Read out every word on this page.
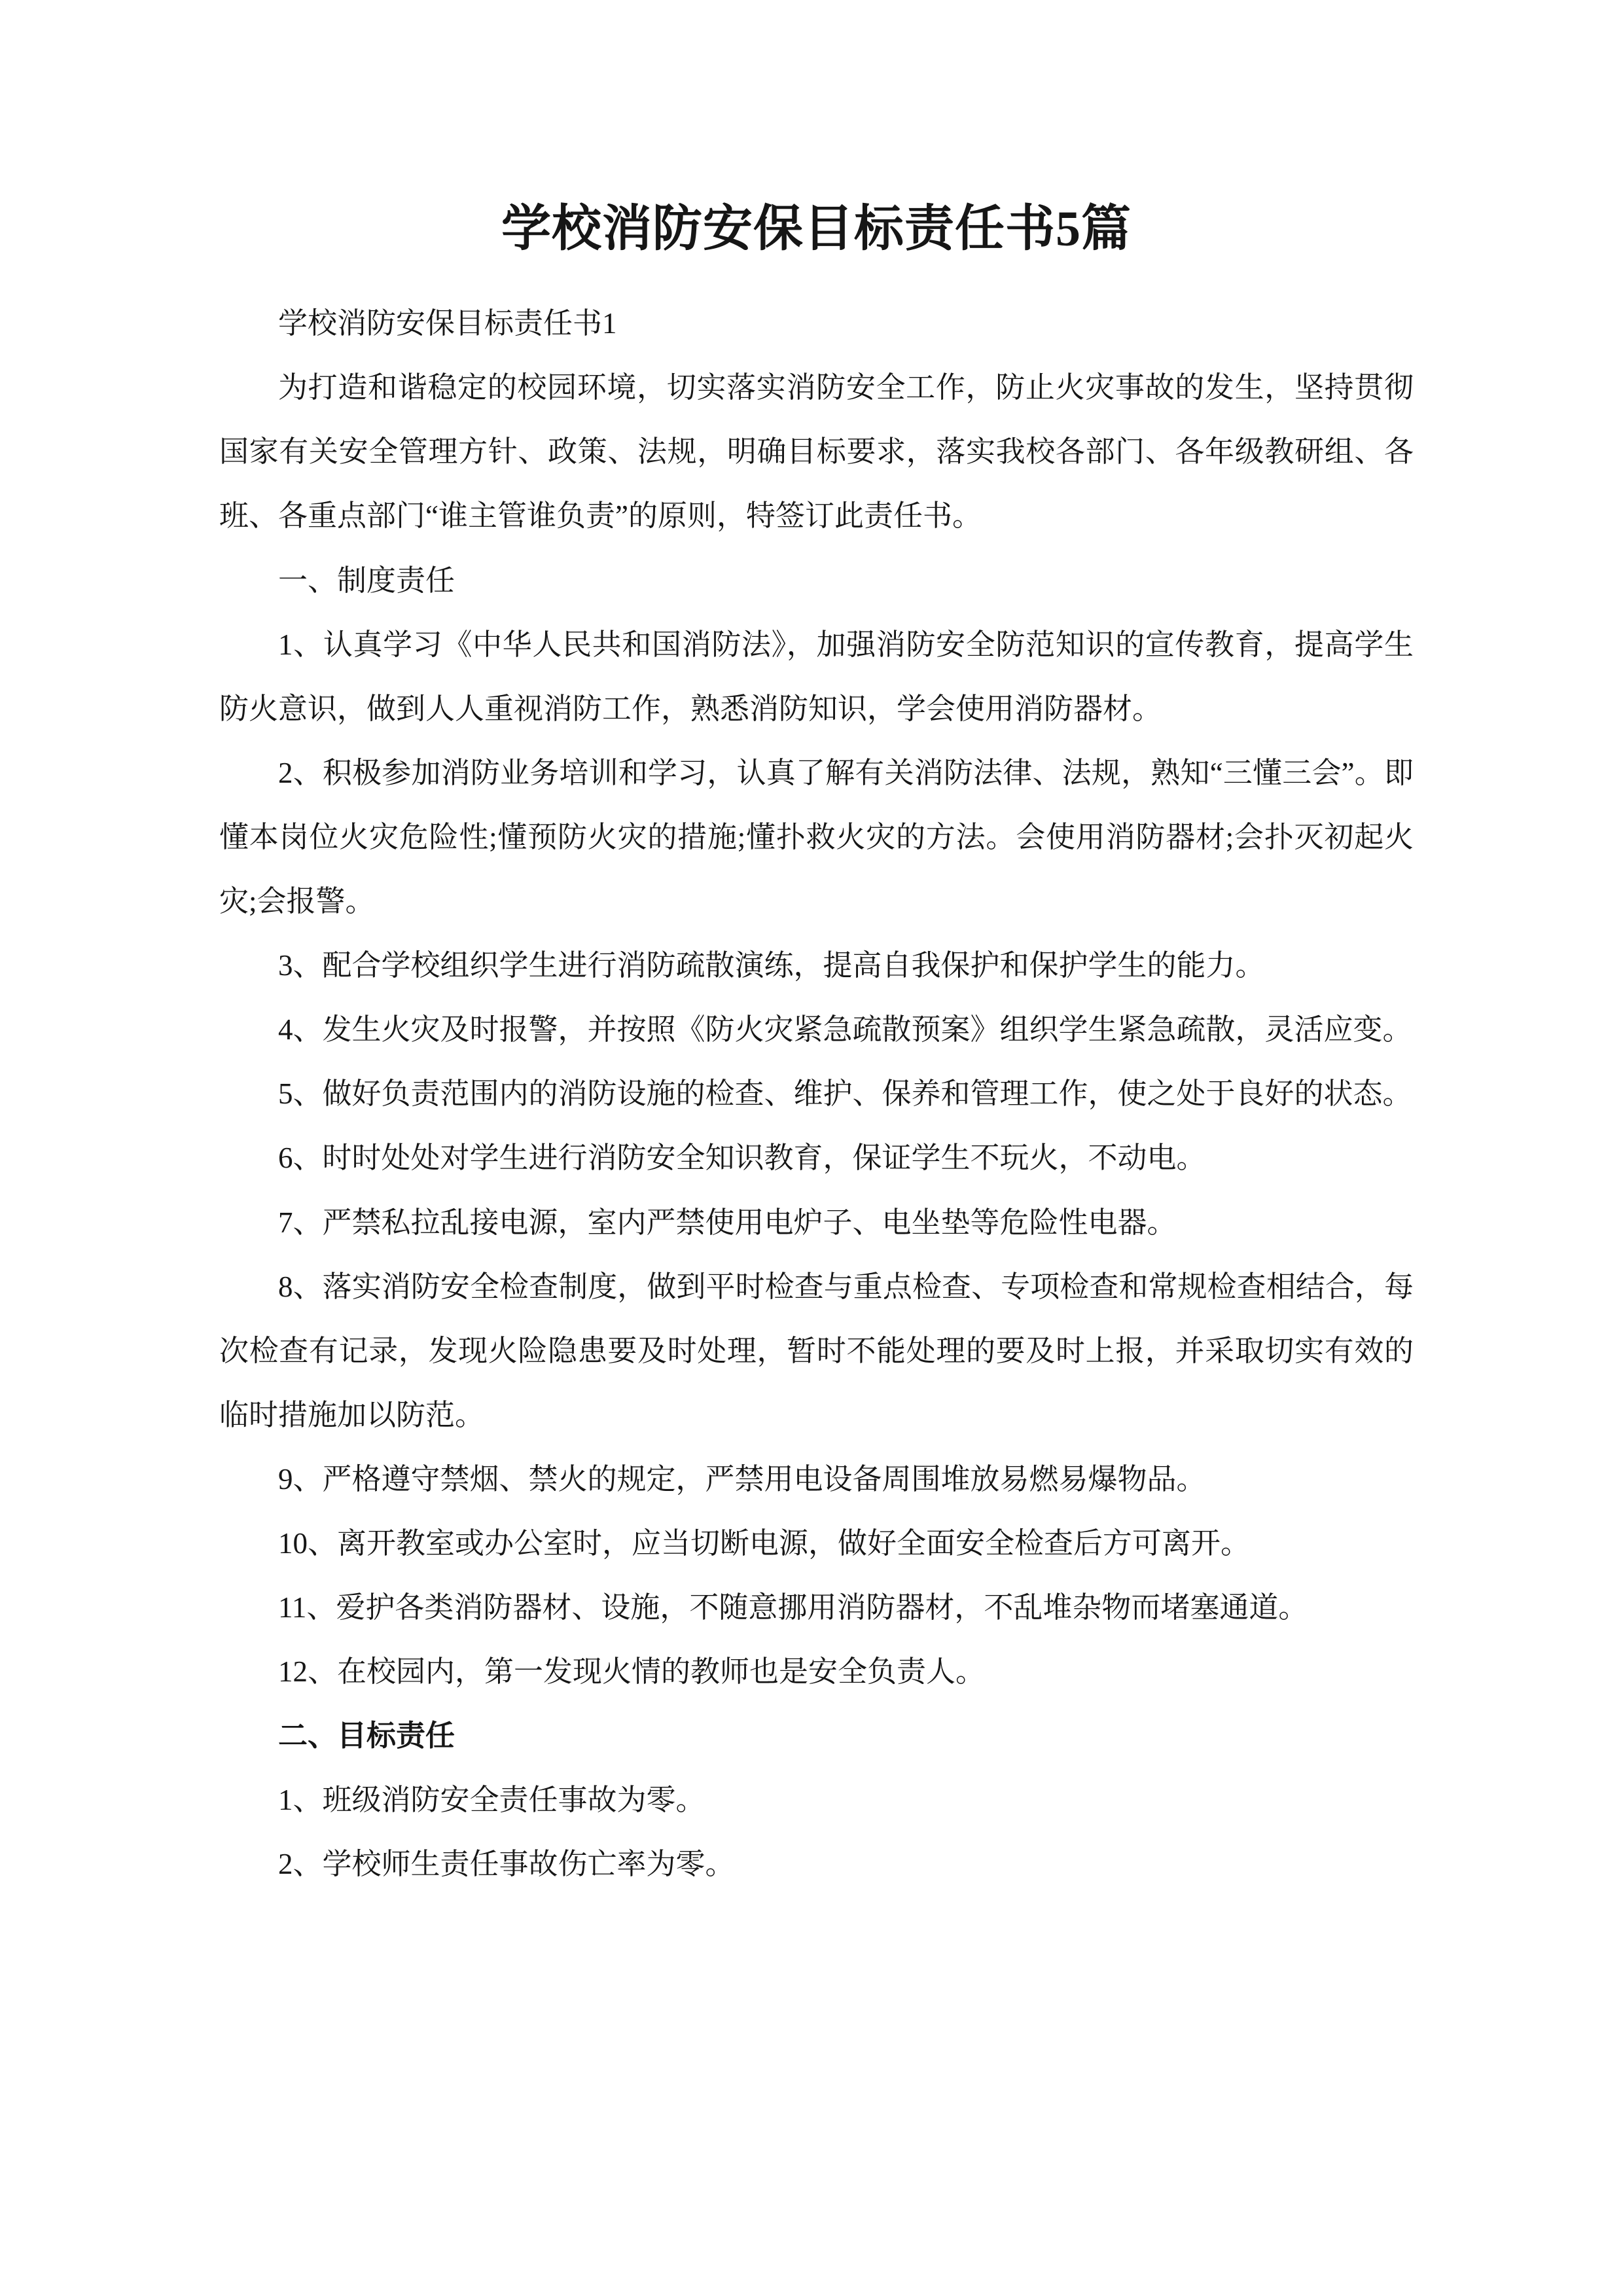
学校消防安保目标责任书5篇

学校消防安保目标责任书1

为打造和谐稳定的校园环境，切实落实消防安全工作，防止火灾事故的发生，坚持贯彻国家有关安全管理方针、政策、法规，明确目标要求，落实我校各部门、各年级教研组、各班、各重点部门“谁主管谁负责”的原则，特签订此责任书。

一、制度责任

1、认真学习《中华人民共和国消防法》，加强消防安全防范知识的宣传教育，提高学生防火意识，做到人人重视消防工作，熟悉消防知识，学会使用消防器材。

2、积极参加消防业务培训和学习，认真了解有关消防法律、法规，熟知“三懂三会”。即懂本岗位火灾危险性;懂预防火灾的措施;懂扑救火灾的方法。会使用消防器材;会扑灭初起火灾;会报警。

3、配合学校组织学生进行消防疏散演练，提高自我保护和保护学生的能力。

4、发生火灾及时报警，并按照《防火灾紧急疏散预案》组织学生紧急疏散，灵活应变。

5、做好负责范围内的消防设施的检查、维护、保养和管理工作，使之处于良好的状态。

6、时时处处对学生进行消防安全知识教育，保证学生不玩火，不动电。

7、严禁私拉乱接电源，室内严禁使用电炉子、电坐垫等危险性电器。

8、落实消防安全检查制度，做到平时检查与重点检查、专项检查和常规检查相结合，每次检查有记录，发现火险隐患要及时处理，暂时不能处理的要及时上报，并采取切实有效的临时措施加以防范。

9、严格遵守禁烟、禁火的规定，严禁用电设备周围堆放易燃易爆物品。

10、离开教室或办公室时，应当切断电源，做好全面安全检查后方可离开。

11、爱护各类消防器材、设施，不随意挪用消防器材，不乱堆杂物而堵塞通道。

12、在校园内，第一发现火情的教师也是安全负责人。

二、目标责任

1、班级消防安全责任事故为零。

2、学校师生责任事故伤亡率为零。
